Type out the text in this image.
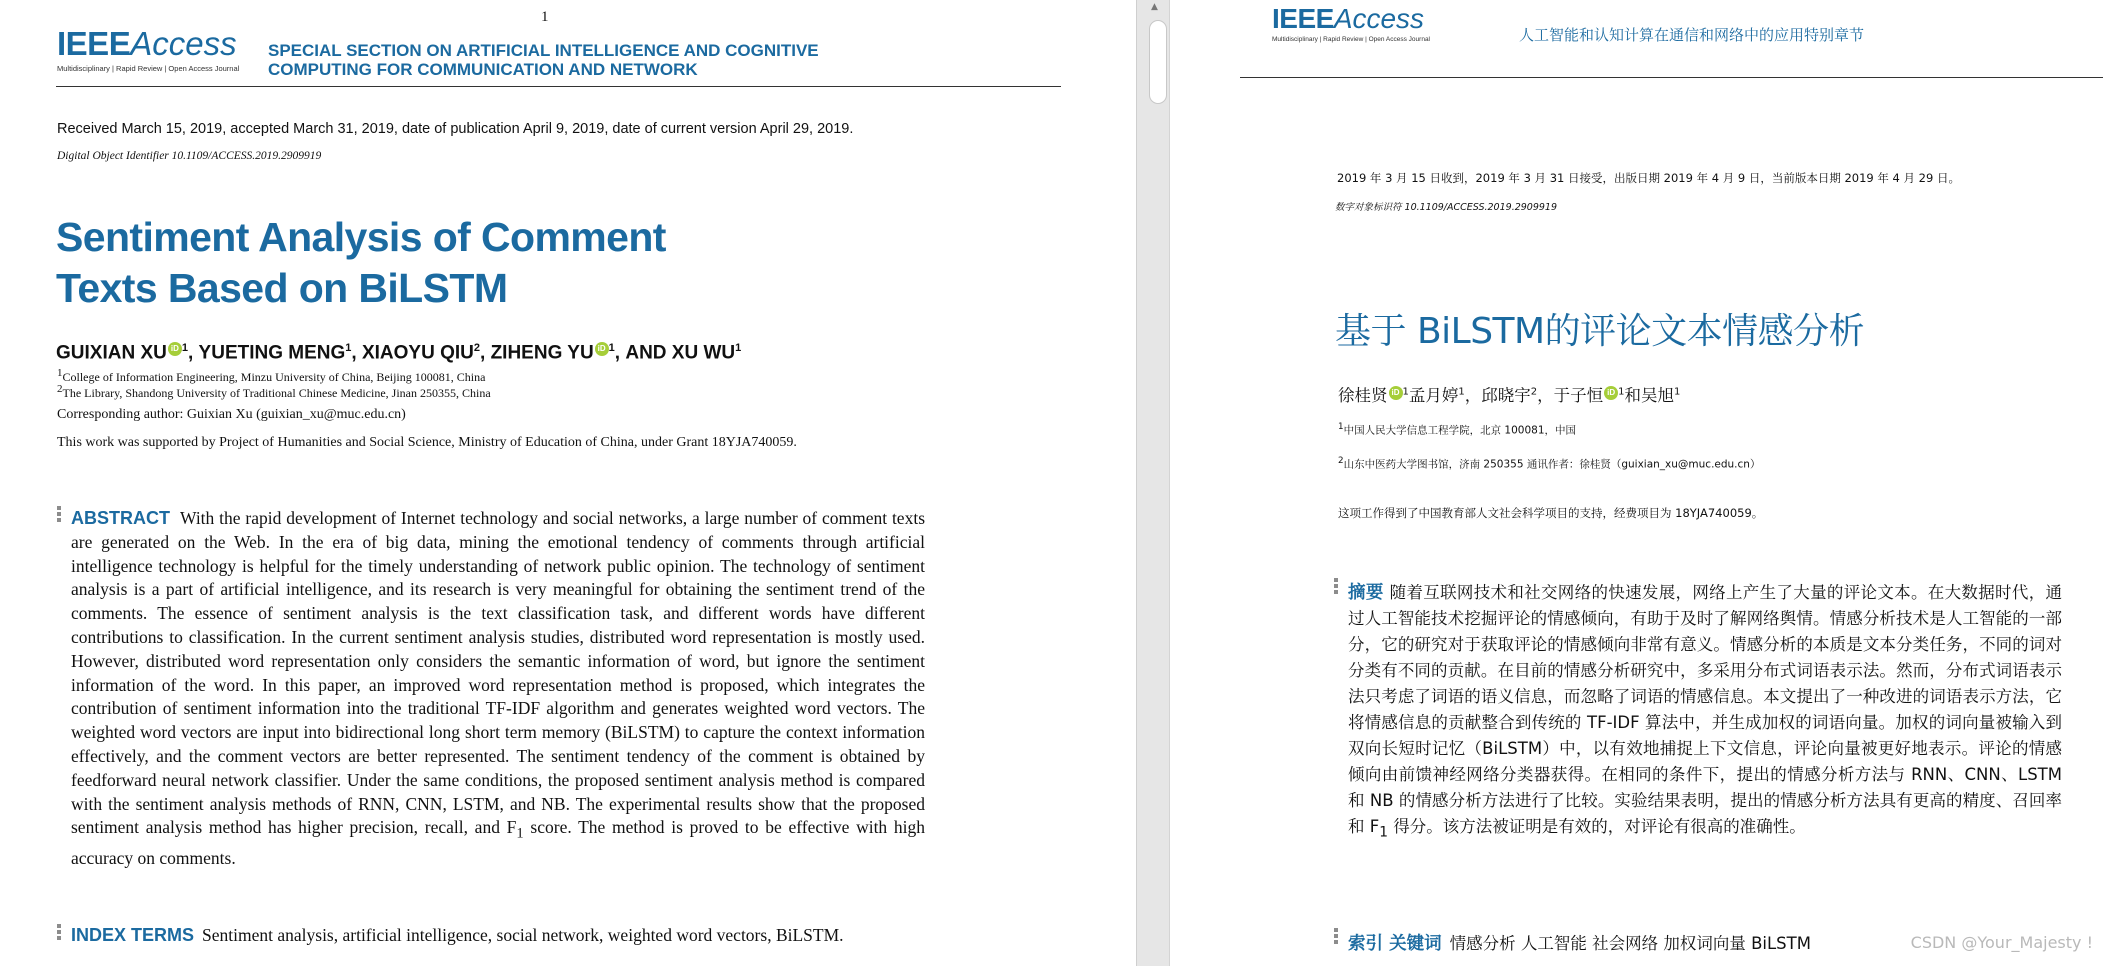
1
IEEEAccess
Multidisciplinary | Rapid Review | Open Access Journal
SPECIAL SECTION ON ARTIFICIAL INTELLIGENCE AND COGNITIVE
COMPUTING FOR COMMUNICATION AND NETWORK
Received March 15, 2019, accepted March 31, 2019, date of publication April 9, 2019, date of current version April 29, 2019.
Digital Object Identifier 10.1109/ACCESS.2019.2909919
Sentiment Analysis of Comment
Texts Based on BiLSTM
GUIXIAN XU iD $^1$, YUETING MENG$^1$, XIAOYU QIU$^2$, ZIHENG YU iD $^1$, AND XU $WU^1$
$^1$College of Information Engineering, Minzu University of China, Beijing 100081, China
$^2$The Library, Shandong University of Traditional Chinese Medicine, Jinan 250355, China
Corresponding author: Guixian Xu (guixian_xu@muc.edu.cn)
This work was supported by Project of Humanities and Social Science, Ministry of Education of China, under Grant 18YJA740059.
ABSTRACT With the rapid development of Internet technology and social networks, a large number of comment texts are generated on the Web. In the era of big data, mining the emotional tendency of comments through artificial intelligence technology is helpful for the timely understanding of network public opinion. The technology of sentiment analysis is a part of artificial intelligence, and its research is very meaningful for obtaining the sentiment trend of the comments. The essence of sentiment analysis is the text classification task, and different words have different contributions to classification. In the current sentiment analysis studies, distributed word representation is mostly used. However, distributed word representation only considers the semantic information of word, but ignore the sentiment information of the word. In this paper, an improved word representation method is proposed, which integrates the contribution of sentiment information into the traditional TF-IDF algorithm and generates weighted word vectors. The weighted word vectors are input into bidirectional long short term memory (BiLSTM) to capture the context information effectively, and the comment vectors are better represented. The sentiment tendency of the comment is obtained by feedforward neural network classifier. Under the same conditions, the proposed sentiment analysis method is compared with the sentiment analysis methods of RNN, CNN, LSTM, and NB. The experimental results show that the proposed sentiment analysis method has higher precision, recall, and $F_1$ score. The method is proved to be effective with high accuracy on comments.
INDEX TERMS Sentiment analysis, artificial intelligence, social network, weighted word vectors, BiLSTM.
▲	IEEEAccess
Multidisciplinary | Rapid Review | Open Access Journal	人工智能和认知计算在通信和网络中的应用特别章节
2019 年 3 月 15 日收到，2019 年 3 月 31 日接受，出版日期 2019 年 4 月 9 日，当前版本日期 2019 年 4 月 29 日。
数字对象标识符 10.1109/ACCESS.2019.2909919
基于 BiLSTM的评论文本情感分析
徐桂贤 iD $^1$ 孟月婷$^1$， 邱晓宇$^2$， 于子恒 iD $^1$ 和吴旭$^1$
$^1$中国人民大学信息工程学院，北京 100081，中国
$^2$山东中医药大学图书馆，济南 250355 通讯作者：徐桂贤（guixian_xu@muc.edu.cn）
这项工作得到了中国教育部人文社会科学项目的支持，经费项目为 18YJA740059。
摘要 随着互联网技术和社交网络的快速发展，网络上产生了大量的评论文本。在大数据时代，通过人工智能技术挖掘评论的情感倾向，有助于及时了解网络舆情。情感分析技术是人工智能的一部分，它的研究对于获取评论的情感倾向非常有意义。情感分析的本质是文本分类任务，不同的词对分类有不同的贡献。在目前的情感分析研究中，多采用分布式词语表示法。然而，分布式词语表示法只考虑了词语的语义信息，而忽略了词语的情感信息。本文提出了一种改进的词语表示方法，它将情感信息的贡献整合到传统的 TF-IDF 算法中，并生成加权的词语向量。加权的词向量被输入到双向长短时记忆（BiLSTM）中，以有效地捕捉上下文信息，评论向量被更好地表示。评论的情感倾向由前馈神经网络分类器获得。在相同的条件下，提出的情感分析方法与 RNN、CNN、LSTM 和 NB 的情感分析方法进行了比较。实验结果表明，提出的情感分析方法具有更高的精度、召回率和 $F_1$ 得分。该方法被证明是有效的，对评论有很高的准确性。
索引 关键词 情感分析 人工智能 社会网络 加权词向量 BiLSTM	CSDN @Your_Majesty !
